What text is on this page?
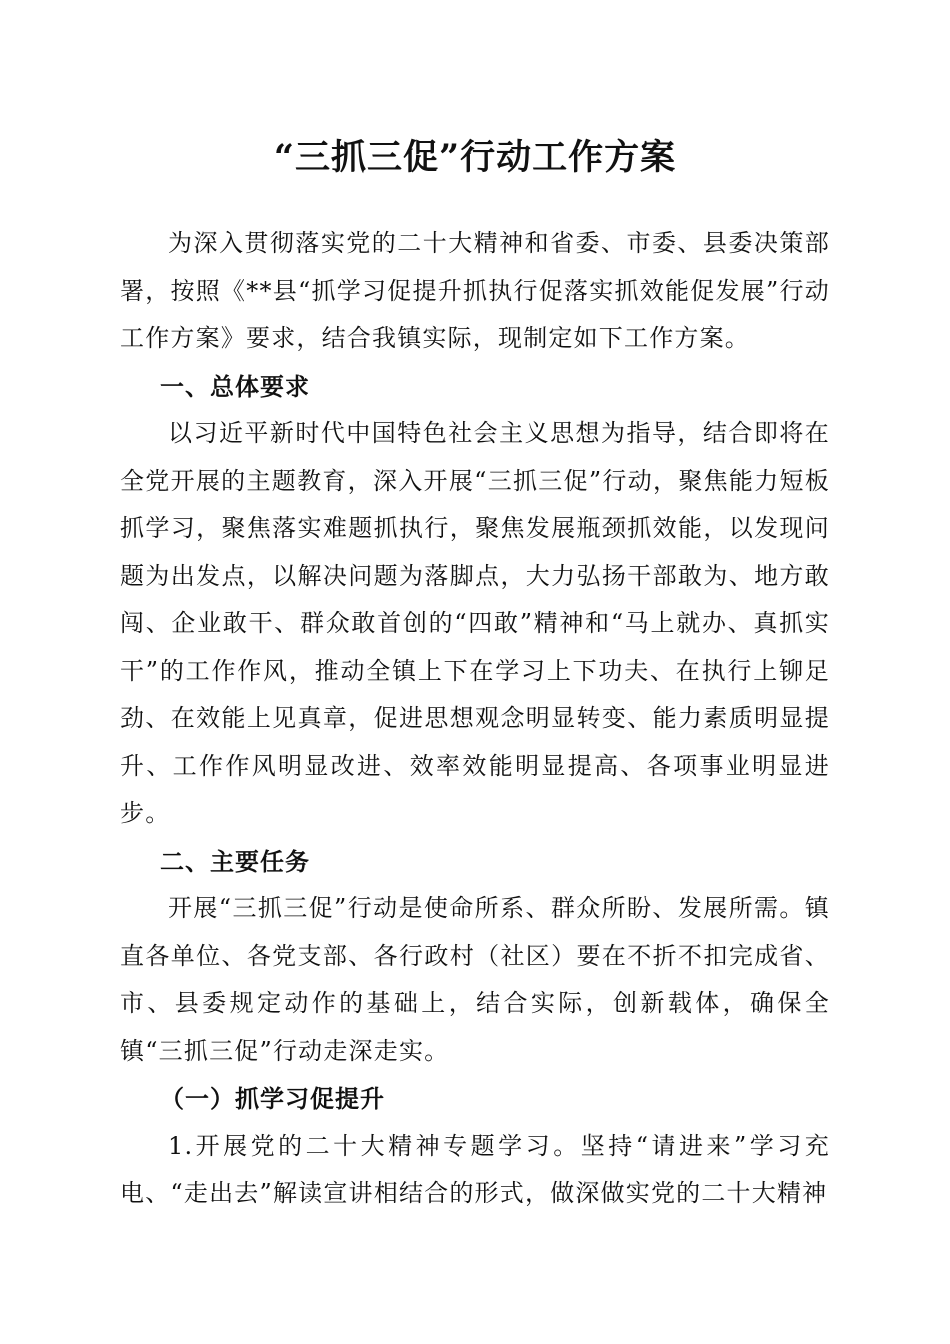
“三抓三促”行动工作方案

为深入贯彻落实党的二十大精神和省委、市委、县委决策部署，按照《**县“抓学习促提升抓执行促落实抓效能促发展”行动工作方案》要求，结合我镇实际，现制定如下工作方案。

一、总体要求

以习近平新时代中国特色社会主义思想为指导，结合即将在全党开展的主题教育，深入开展“三抓三促”行动，聚焦能力短板抓学习，聚焦落实难题抓执行，聚焦发展瓶颈抓效能，以发现问题为出发点，以解决问题为落脚点，大力弘扬干部敢为、地方敢闯、企业敢干、群众敢首创的“四敢”精神和“马上就办、真抓实干”的工作作风，推动全镇上下在学习上下功夫、在执行上铆足劲、在效能上见真章，促进思想观念明显转变、能力素质明显提升、工作作风明显改进、效率效能明显提高、各项事业明显进步。

二、主要任务

开展“三抓三促”行动是使命所系、群众所盼、发展所需。镇直各单位、各党支部、各行政村（社区）要在不折不扣完成省、市、县委规定动作的基础上，结合实际，创新载体，确保全镇“三抓三促”行动走深走实。

（一）抓学习促提升

1.开展党的二十大精神专题学习。坚持“请进来”学习充电、“走出去”解读宣讲相结合的形式，做深做实党的二十大精神
